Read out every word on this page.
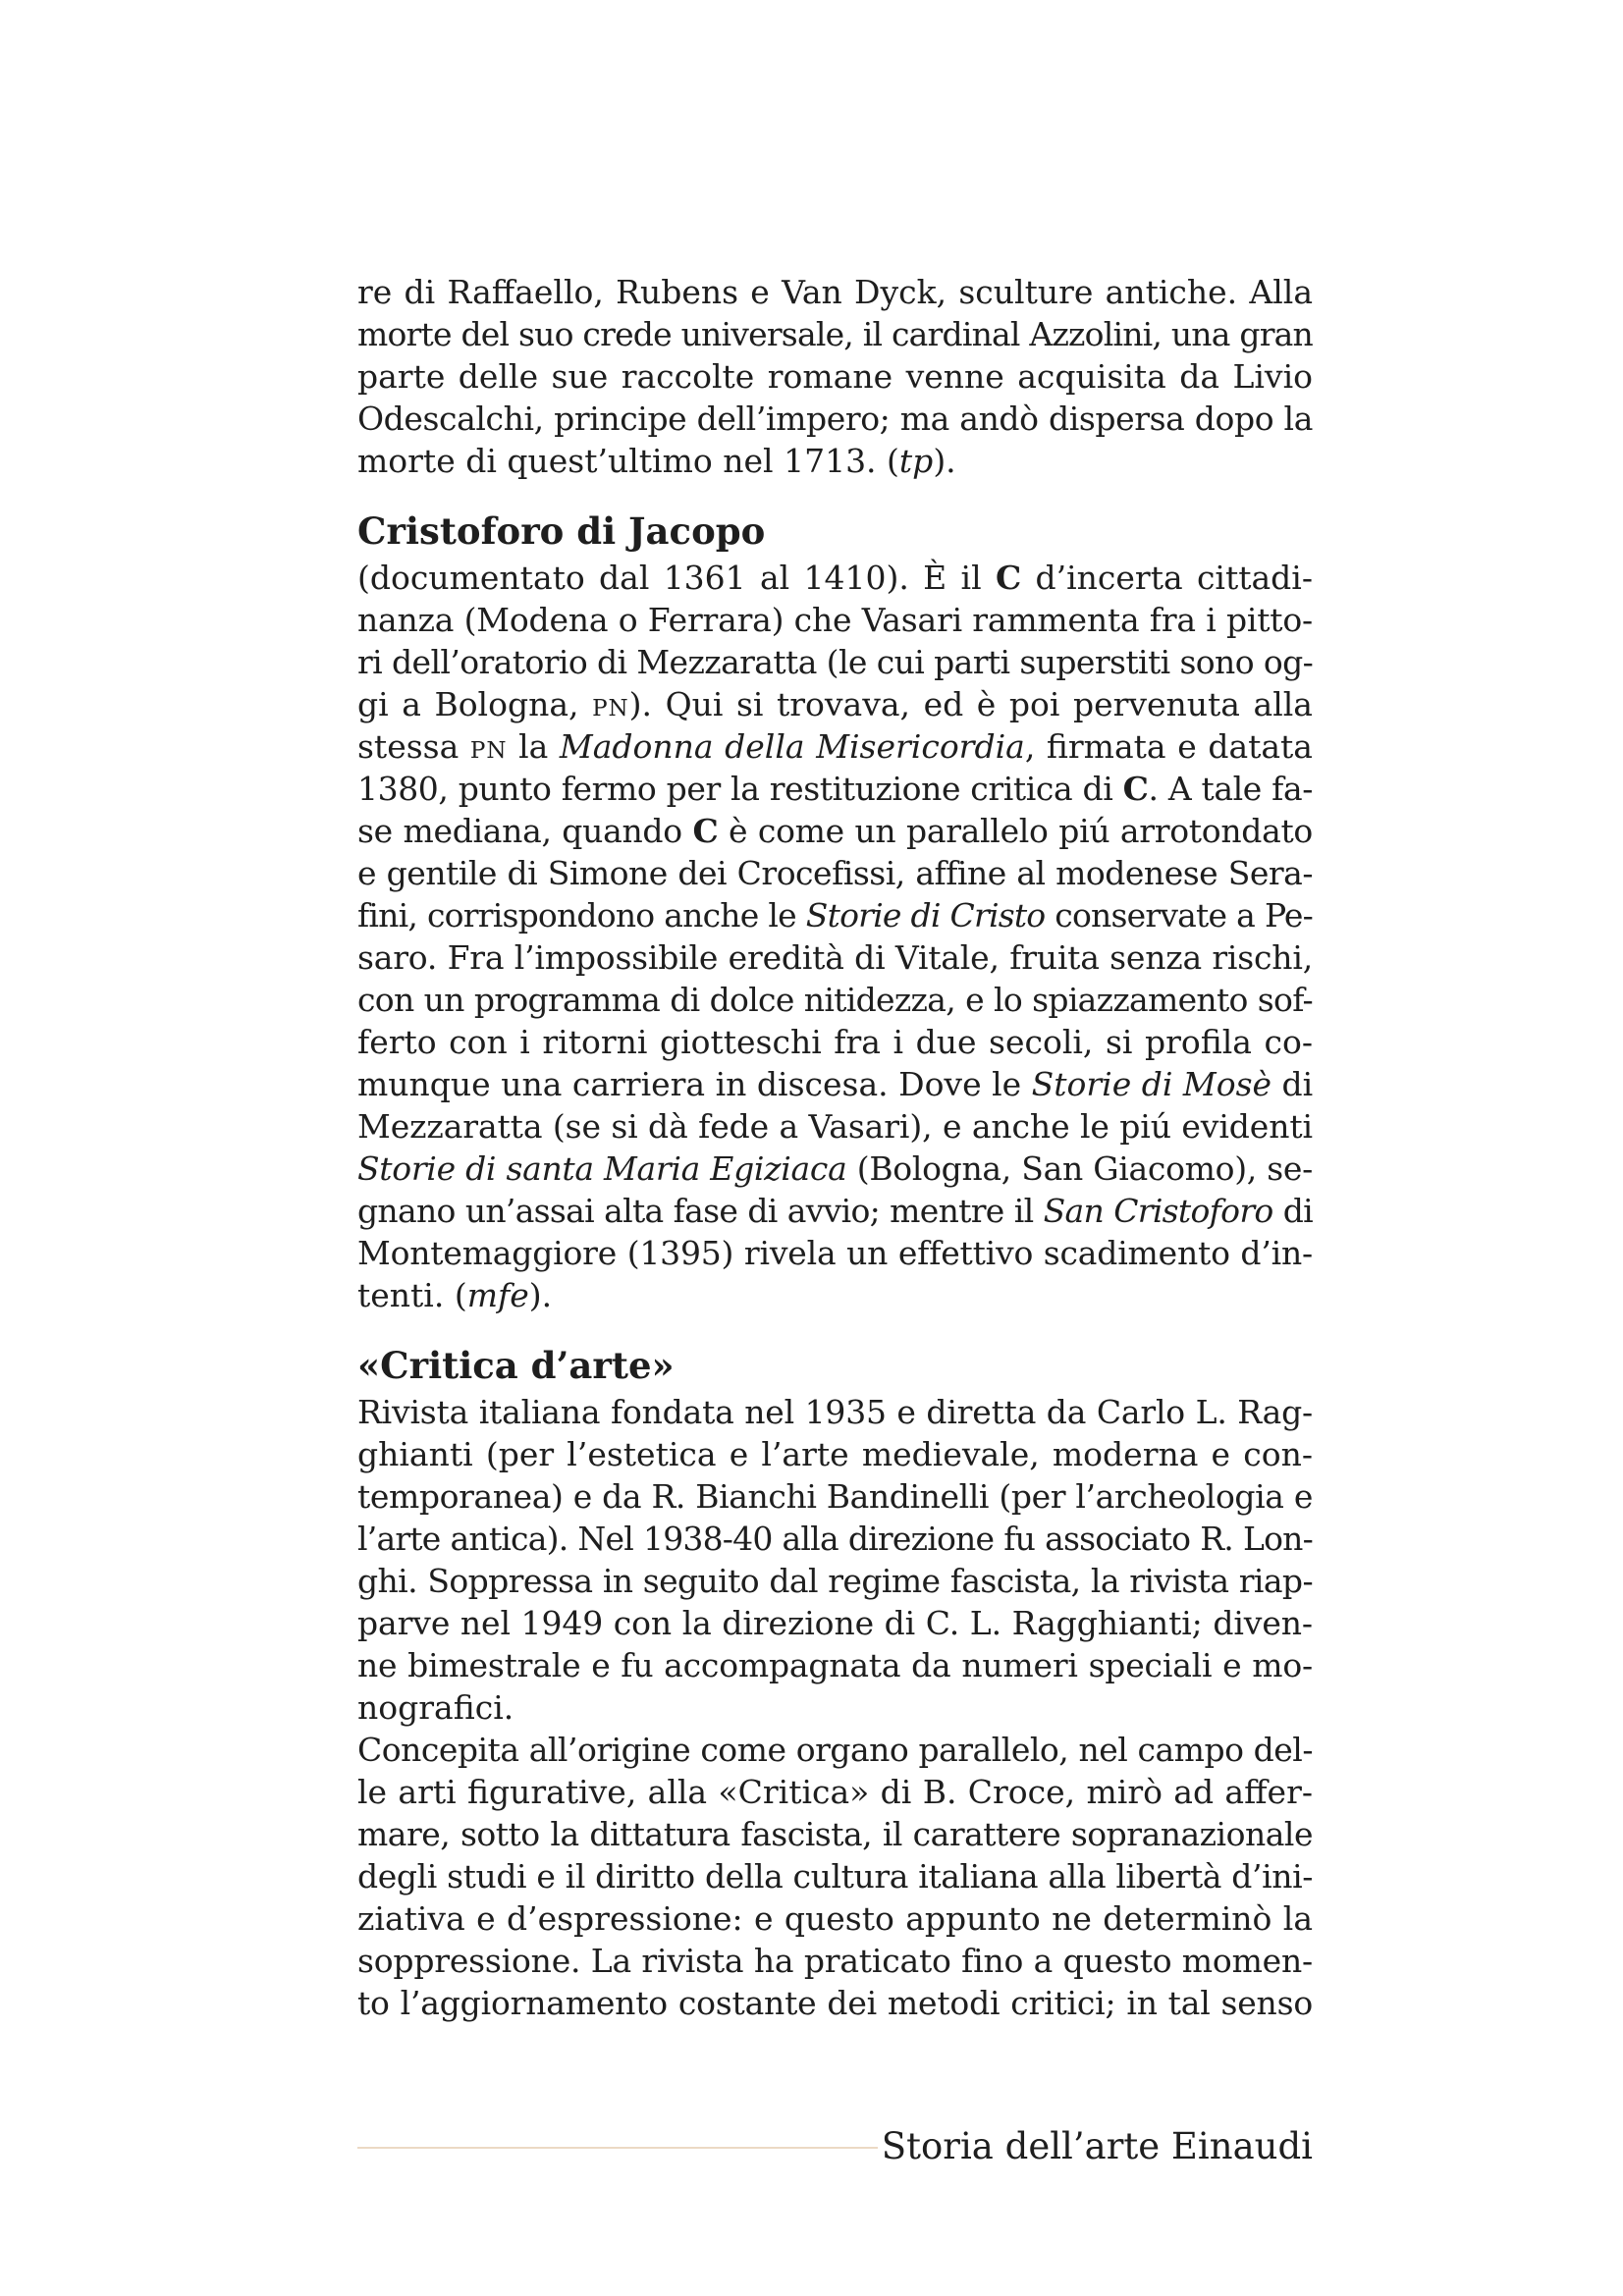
re di Raffaello, Rubens e Van Dyck, sculture antiche. Alla
morte del suo crede universale, il cardinal Azzolini, una gran
parte delle sue raccolte romane venne acquisita da Livio
Odescalchi, principe dell’impero; ma andò dispersa dopo la
morte di quest’ultimo nel 1713. (tp).

Cristoforo di Jacopo

(documentato dal 1361 al 1410). È il C d’incerta cittadi-
nanza (Modena o Ferrara) che Vasari rammenta fra i pitto-
ri dell’oratorio di Mezzaratta (le cui parti superstiti sono og-
gi a Bologna, pn). Qui si trovava, ed è poi pervenuta alla
stessa pn la Madonna della Misericordia, firmata e datata
1380, punto fermo per la restituzione critica di C. A tale fa-
se mediana, quando C è come un parallelo piú arrotondato
e gentile di Simone dei Crocefissi, affine al modenese Sera-
fini, corrispondono anche le Storie di Cristo conservate a Pe-
saro. Fra l’impossibile eredità di Vitale, fruita senza rischi,
con un programma di dolce nitidezza, e lo spiazzamento sof-
ferto con i ritorni giotteschi fra i due secoli, si profila co-
munque una carriera in discesa. Dove le Storie di Mosè di
Mezzaratta (se si dà fede a Vasari), e anche le piú evidenti
Storie di santa Maria Egiziaca (Bologna, San Giacomo), se-
gnano un’assai alta fase di avvio; mentre il San Cristoforo di
Montemaggiore (1395) rivela un effettivo scadimento d’in-
tenti. (mfe).

«Critica d’arte»

Rivista italiana fondata nel 1935 e diretta da Carlo L. Rag-
ghianti (per l’estetica e l’arte medievale, moderna e con-
temporanea) e da R. Bianchi Bandinelli (per l’archeologia e
l’arte antica). Nel 1938-40 alla direzione fu associato R. Lon-
ghi. Soppressa in seguito dal regime fascista, la rivista riap-
parve nel 1949 con la direzione di C. L. Ragghianti; diven-
ne bimestrale e fu accompagnata da numeri speciali e mo-
nografici.

Concepita all’origine come organo parallelo, nel campo del-
le arti figurative, alla «Critica» di B. Croce, mirò ad affer-
mare, sotto la dittatura fascista, il carattere sopranazionale
degli studi e il diritto della cultura italiana alla libertà d’ini-
ziativa e d’espressione: e questo appunto ne determinò la
soppressione. La rivista ha praticato fino a questo momen-
to l’aggiornamento costante dei metodi critici; in tal senso

Storia dell’arte Einaudi
